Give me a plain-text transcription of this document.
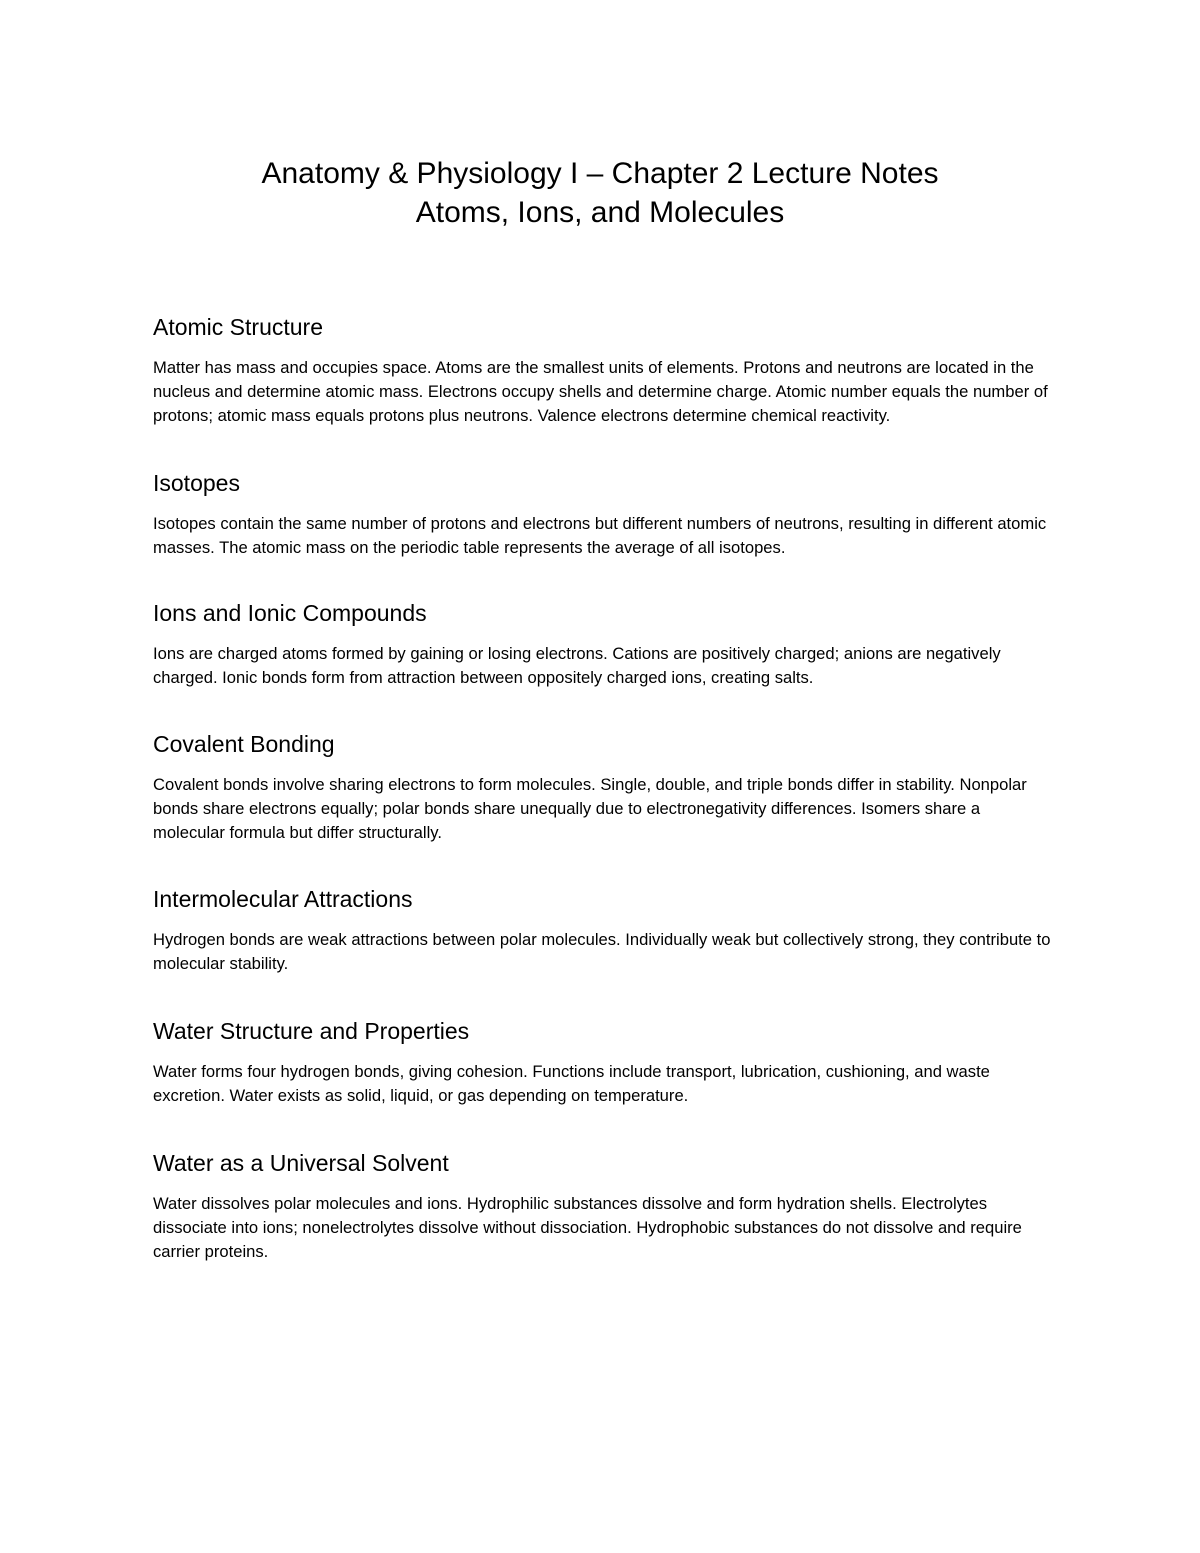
Anatomy & Physiology I – Chapter 2 Lecture Notes
Atoms, Ions, and Molecules
Atomic Structure

Matter has mass and occupies space. Atoms are the smallest units of elements. Protons and neutrons are located in the nucleus and determine atomic mass. Electrons occupy shells and determine charge. Atomic number equals the number of protons; atomic mass equals protons plus neutrons. Valence electrons determine chemical reactivity.

Isotopes

Isotopes contain the same number of protons and electrons but different numbers of neutrons, resulting in different atomic masses. The atomic mass on the periodic table represents the average of all isotopes.

Ions and Ionic Compounds

Ions are charged atoms formed by gaining or losing electrons. Cations are positively charged; anions are negatively charged. Ionic bonds form from attraction between oppositely charged ions, creating salts.

Covalent Bonding

Covalent bonds involve sharing electrons to form molecules. Single, double, and triple bonds differ in stability. Nonpolar bonds share electrons equally; polar bonds share unequally due to electronegativity differences. Isomers share a molecular formula but differ structurally.

Intermolecular Attractions

Hydrogen bonds are weak attractions between polar molecules. Individually weak but collectively strong, they contribute to molecular stability.

Water Structure and Properties

Water forms four hydrogen bonds, giving cohesion. Functions include transport, lubrication, cushioning, and waste excretion. Water exists as solid, liquid, or gas depending on temperature.

Water as a Universal Solvent

Water dissolves polar molecules and ions. Hydrophilic substances dissolve and form hydration shells. Electrolytes dissociate into ions; nonelectrolytes dissolve without dissociation. Hydrophobic substances do not dissolve and require carrier proteins.
